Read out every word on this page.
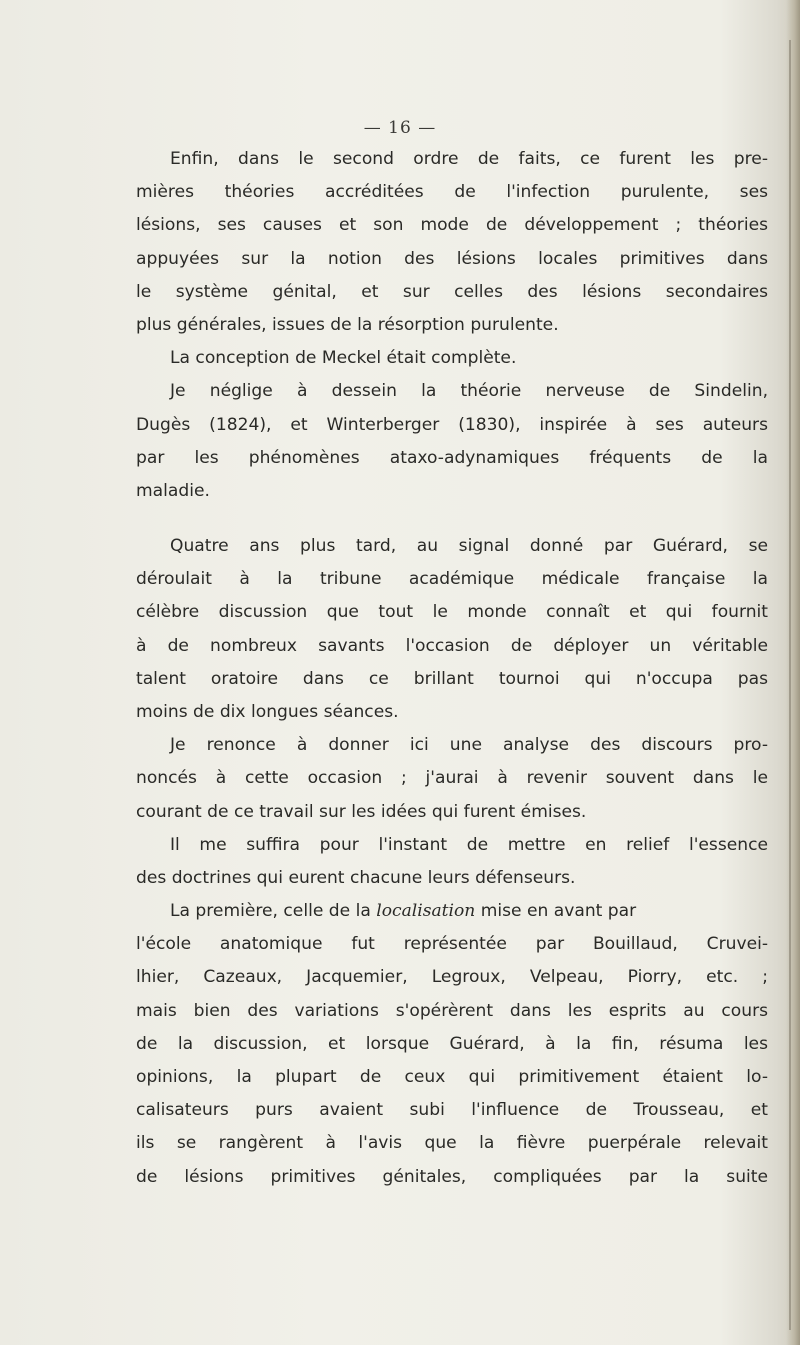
— 16 —
Enfin, dans le second ordre de faits, ce furent les pre-
mières théories accréditées de l'infection purulente, ses
lésions, ses causes et son mode de développement ; théories
appuyées sur la notion des lésions locales primitives dans
le système génital, et sur celles des lésions secondaires
plus générales, issues de la résorption purulente.
La conception de Meckel était complète.
Je néglige à dessein la théorie nerveuse de Sindelin,
Dugès (1824), et Winterberger (1830), inspirée à ses auteurs
par les phénomènes ataxo-adynamiques fréquents de la
maladie.
Quatre ans plus tard, au signal donné par Guérard, se
déroulait à la tribune académique médicale française la
célèbre discussion que tout le monde connaît et qui fournit
à de nombreux savants l'occasion de déployer un véritable
talent oratoire dans ce brillant tournoi qui n'occupa pas
moins de dix longues séances.
Je renonce à donner ici une analyse des discours pro-
noncés à cette occasion ; j'aurai à revenir souvent dans le
courant de ce travail sur les idées qui furent émises.
Il me suffira pour l'instant de mettre en relief l'essence
des doctrines qui eurent chacune leurs défenseurs.
La première, celle de la localisation mise en avant par
l'école anatomique fut représentée par Bouillaud, Cruvei-
lhier, Cazeaux, Jacquemier, Legroux, Velpeau, Piorry, etc. ;
mais bien des variations s'opérèrent dans les esprits au cours
de la discussion, et lorsque Guérard, à la fin, résuma les
opinions, la plupart de ceux qui primitivement étaient lo-
calisateurs purs avaient subi l'influence de Trousseau, et
ils se rangèrent à l'avis que la fièvre puerpérale relevait
de lésions primitives génitales, compliquées par la suite
